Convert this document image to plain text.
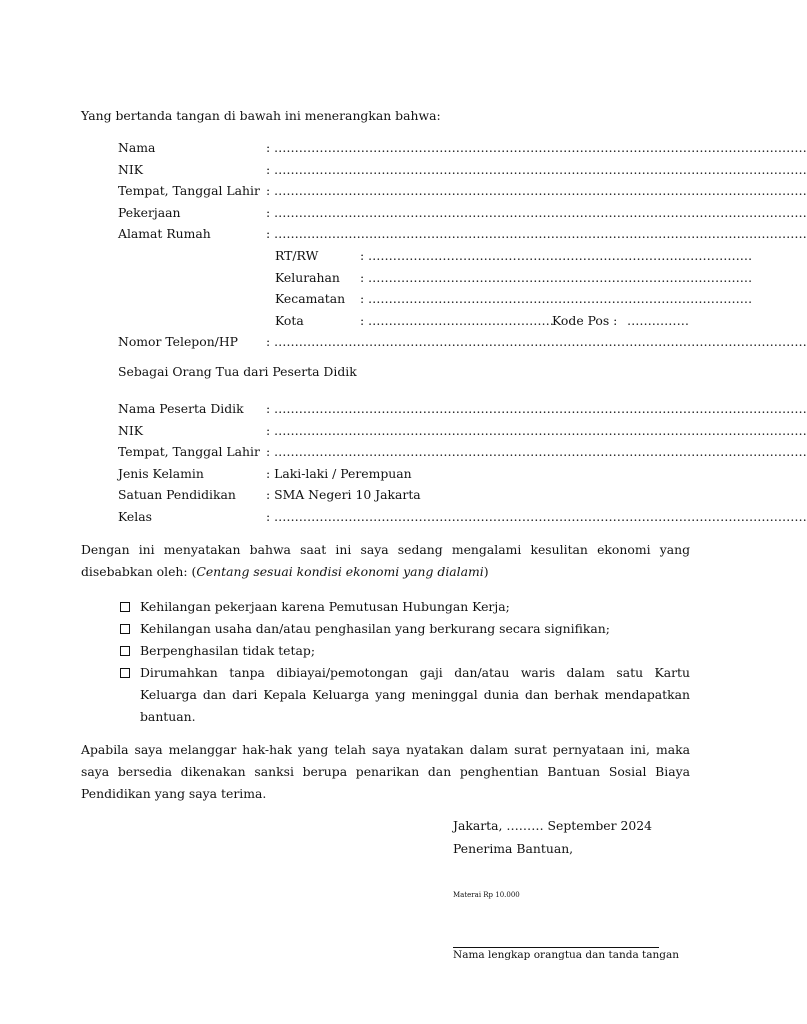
Yang bertanda tangan di bawah ini menerangkan bahwa:
Nama	: …………………………………………………………………………………………………………………
NIK	: …………………………………………………………………………………………………………………
Tempat, Tanggal Lahir : …………………………………………………………………………………………………………………
Pekerjaan	: …………………………………………………………………………………………………………………
Alamat Rumah	: …………………………………………………………………………………………………………………
RT/RW	: …………………………………………………………………………………
Kelurahan : …………………………………………………………………………………
Kecamatan : …………………………………………………………………………………
Kota	: ………………………………………
Kode Pos : ……………
Nomor Telepon/HP : …………………………………………………………………………………………………………………
Sebagai Orang Tua dari Peserta Didik
Nama Peserta Didik : …………………………………………………………………………………………………………………
NIK	: …………………………………………………………………………………………………………………
Tempat, Tanggal Lahir : …………………………………………………………………………………………………………………
Jenis Kelamin	: Laki-laki / Perempuan
Satuan Pendidikan : SMA Negeri 10 Jakarta
Kelas	: …………………………………………………………………………………………………………………
Dengan ini menyatakan bahwa saat ini saya sedang mengalami kesulitan ekonomi yang disebabkan oleh: (Centang sesuai kondisi ekonomi yang dialami)
Kehilangan pekerjaan karena Pemutusan Hubungan Kerja;
Kehilangan usaha dan/atau penghasilan yang berkurang secara signifikan;
Berpenghasilan tidak tetap;
Dirumahkan tanpa dibiayai/pemotongan gaji dan/atau waris dalam satu Kartu Keluarga dan dari Kepala Keluarga yang meninggal dunia dan berhak mendapatkan bantuan.
Apabila saya melanggar hak-hak yang telah saya nyatakan dalam surat pernyataan ini, maka saya bersedia dikenakan sanksi berupa penarikan dan penghentian Bantuan Sosial Biaya Pendidikan yang saya terima.
Jakarta, ……… September 2024
Penerima Bantuan,
Materai Rp 10.000
Nama lengkap orangtua dan tanda tangan
